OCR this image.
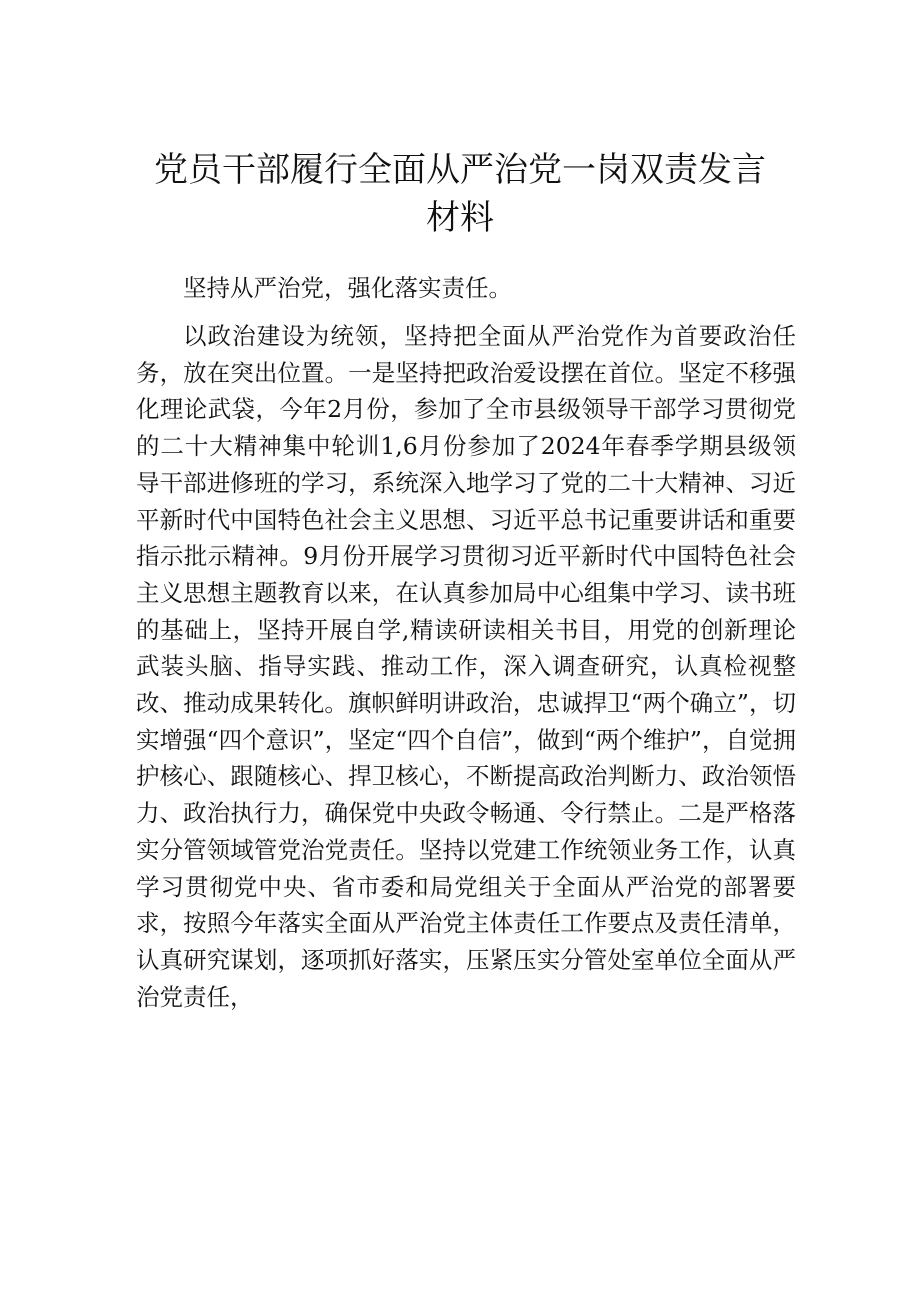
党员干部履行全面从严治党一岗双责发言
材料

坚持从严治党，强化落实责任。

以政治建设为统领，坚持把全面从严治党作为首要政治任务，放在突出位置。一是坚持把政治爱设摆在首位。坚定不移强化理论武袋，今年2月份，参加了全市县级领导干部学习贯彻党的二十大精神集中轮训1,6月份参加了2024年春季学期县级领导干部进修班的学习，系统深入地学习了党的二十大精神、习近平新时代中国特色社会主义思想、习近平总书记重要讲话和重要指示批示精神。9月份开展学习贯彻习近平新时代中国特色社会主义思想主题教育以来，在认真参加局中心组集中学习、读书班的基础上，坚持开展自学,精读研读相关书目，用党的创新理论武装头脑、指导实践、推动工作，深入调查研究，认真检视整改、推动成果转化。旗帜鲜明讲政治，忠诚捍卫“两个确立”，切实增强“四个意识”，坚定“四个自信”，做到“两个维护”，自觉拥护核心、跟随核心、捍卫核心，不断提高政治判断力、政治领悟力、政治执行力，确保党中央政令畅通、令行禁止。二是严格落实分管领域管党治党责任。坚持以党建工作统领业务工作，认真学习贯彻党中央、省市委和局党组关于全面从严治党的部署要求，按照今年落实全面从严治党主体责任工作要点及责任清单，认真研究谋划，逐项抓好落实，压紧压实分管处室单位全面从严治党责任，
